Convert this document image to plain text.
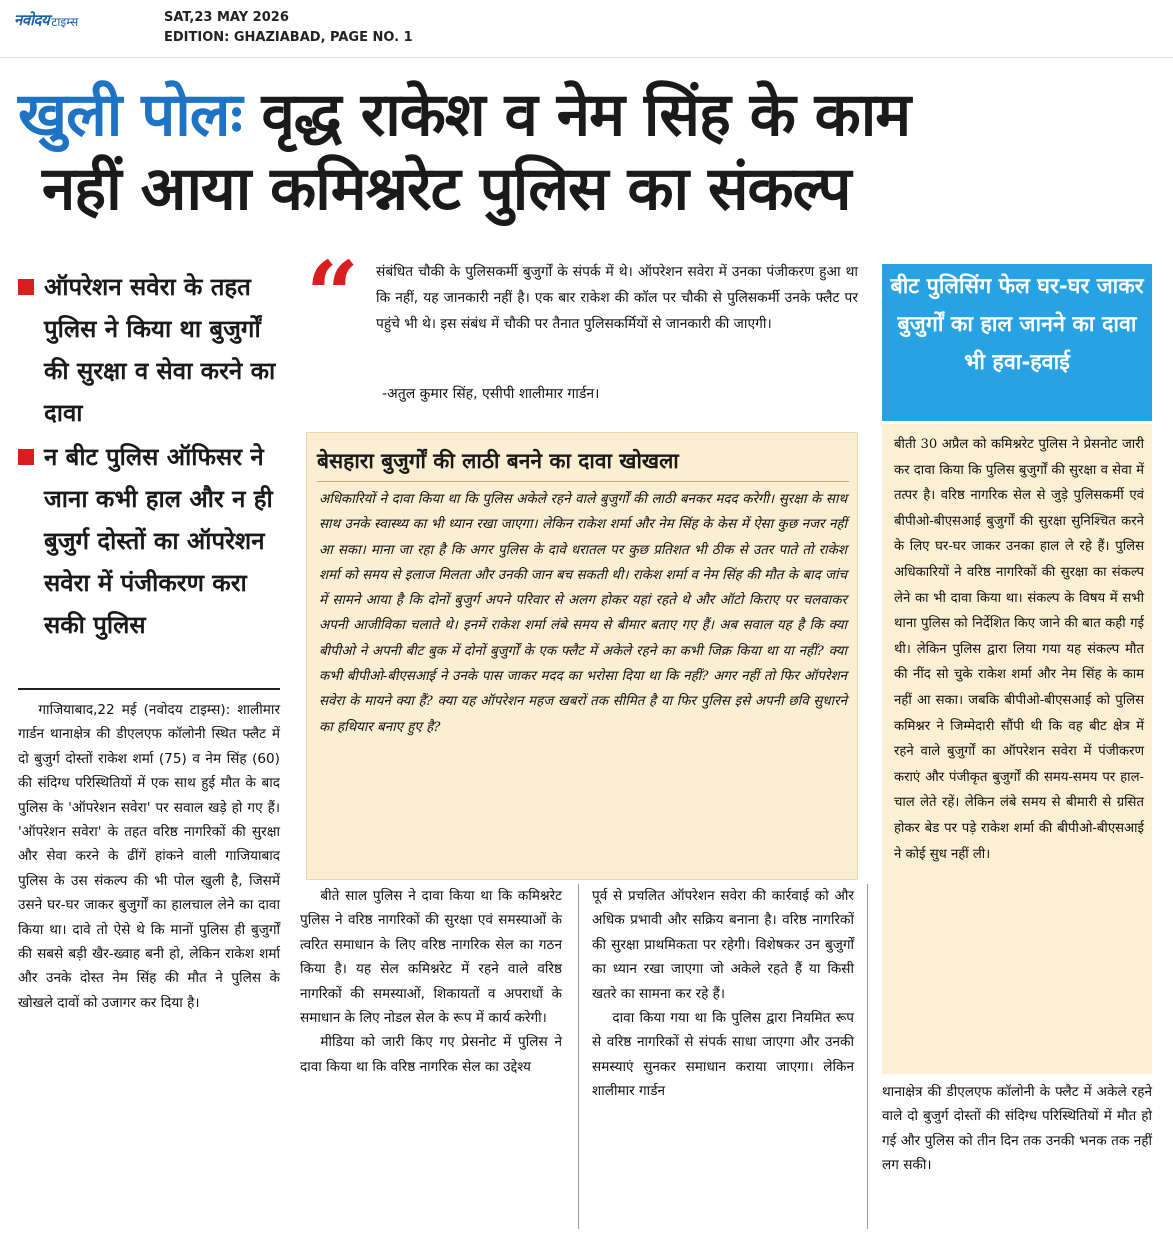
नवोदय टाइम्स	SAT,23 MAY 2026
EDITION: GHAZIABAD, PAGE NO. 1
खुली पोलः वृद्ध राकेश व नेम सिंह के काम
नहीं आया कमिश्नरेट पुलिस का संकल्प
ऑपरेशन सवेरा के तहत पुलिस ने किया था बुजुर्गों की सुरक्षा व सेवा करने का दावा
न बीट पुलिस ऑफिसर ने जाना कभी हाल और न ही बुजुर्ग दोस्तों का ऑपरेशन सवेरा में पंजीकरण करा सकी पुलिस

गाजियाबाद,22 मई (नवोदय टाइम्स): शालीमार गार्डन थानाक्षेत्र की डीएलएफ कॉलोनी स्थित फ्लैट में दो बुजुर्ग दोस्तों राकेश शर्मा (75) व नेम सिंह (60) की संदिग्ध परिस्थितियों में एक साथ हुई मौत के बाद पुलिस के 'ऑपरेशन सवेरा' पर सवाल खड़े हो गए हैं। 'ऑपरेशन सवेरा' के तहत वरिष्ठ नागरिकों की सुरक्षा और सेवा करने के ढींगें हांकने वाली गाजियाबाद पुलिस के उस संकल्प की भी पोल खुली है, जिसमें उसने घर-घर जाकर बुजुर्गों का हालचाल लेने का दावा किया था। दावे तो ऐसे थे कि मानों पुलिस ही बुजुर्गों की सबसे बड़ी खैर-ख्वाह बनी हो, लेकिन राकेश शर्मा और उनके दोस्त नेम सिंह की मौत ने पुलिस के खोखले दावों को उजागर कर दिया है।

“ संबंधित चौकी के पुलिसकर्मी बुजुर्गों के संपर्क में थे। ऑपरेशन सवेरा में उनका पंजीकरण हुआ था कि नहीं, यह जानकारी नहीं है। एक बार राकेश की कॉल पर चौकी से पुलिसकर्मी उनके फ्लैट पर पहुंचे भी थे। इस संबंध में चौकी पर तैनात पुलिसकर्मियों से जानकारी की जाएगी।

-अतुल कुमार सिंह, एसीपी शालीमार गार्डन।

बेसहारा बुजुर्गों की लाठी बनने का दावा खोखला

अधिकारियों ने दावा किया था कि पुलिस अकेले रहने वाले बुजुर्गों की लाठी बनकर मदद करेगी। सुरक्षा के साथ साथ उनके स्वास्थ्य का भी ध्यान रखा जाएगा। लेकिन राकेश शर्मा और नेम सिंह के केस में ऐसा कुछ नजर नहीं आ सका। माना जा रहा है कि अगर पुलिस के दावे धरातल पर कुछ प्रतिशत भी ठीक से उतर पाते तो राकेश शर्मा को समय से इलाज मिलता और उनकी जान बच सकती थी। राकेश शर्मा व नेम सिंह की मौत के बाद जांच में सामने आया है कि दोनों बुजुर्ग अपने परिवार से अलग होकर यहां रहते थे और ऑटो किराए पर चलवाकर अपनी आजीविका चलाते थे। इनमें राकेश शर्मा लंबे समय से बीमार बताए गए हैं। अब सवाल यह है कि क्या बीपीओ ने अपनी बीट बुक में दोनों बुजुर्गों के एक फ्लैट में अकेले रहने का कभी जिक्र किया था या नहीं? क्या कभी बीपीओ-बीएसआई ने उनके पास जाकर मदद का भरोसा दिया था कि नहीं? अगर नहीं तो फिर ऑपरेशन सवेरा के मायने क्या हैं? क्या यह ऑपरेशन महज खबरों तक सीमित है या फिर पुलिस इसे अपनी छवि सुधारने का हथियार बनाए हुए है?

बीते साल पुलिस ने दावा किया था कि कमिश्नरेट पुलिस ने वरिष्ठ नागरिकों की सुरक्षा एवं समस्याओं के त्वरित समाधान के लिए वरिष्ठ नागरिक सेल का गठन किया है। यह सेल कमिश्नरेट में रहने वाले वरिष्ठ नागरिकों की समस्याओं, शिकायतों व अपराधों के समाधान के लिए नोडल सेल के रूप में कार्य करेगी।

मीडिया को जारी किए गए प्रेसनोट में पुलिस ने दावा किया था कि वरिष्ठ नागरिक सेल का उद्देश्य

पूर्व से प्रचलित ऑपरेशन सवेरा की कार्रवाई को और अधिक प्रभावी और सक्रिय बनाना है। वरिष्ठ नागरिकों की सुरक्षा प्राथमिकता पर रहेगी। विशेषकर उन बुजुर्गों का ध्यान रखा जाएगा जो अकेले रहते हैं या किसी खतरे का सामना कर रहे हैं।

दावा किया गया था कि पुलिस द्वारा नियमित रूप से वरिष्ठ नागरिकों से संपर्क साधा जाएगा और उनकी समस्याएं सुनकर समाधान कराया जाएगा। लेकिन शालीमार गार्डन

बीट पुलिसिंग फेल घर-घर जाकर बुजुर्गों का हाल जानने का दावा भी हवा-हवाई

बीती 30 अप्रैल को कमिश्नरेट पुलिस ने प्रेसनोट जारी कर दावा किया कि पुलिस बुजुर्गों की सुरक्षा व सेवा में तत्पर है। वरिष्ठ नागरिक सेल से जुड़े पुलिसकर्मी एवं बीपीओ-बीएसआई बुजुर्गों की सुरक्षा सुनिश्चित करने के लिए घर-घर जाकर उनका हाल ले रहे हैं। पुलिस अधिकारियों ने वरिष्ठ नागरिकों की सुरक्षा का संकल्प लेने का भी दावा किया था। संकल्प के विषय में सभी थाना पुलिस को निर्देशित किए जाने की बात कही गई थी। लेकिन पुलिस द्वारा लिया गया यह संकल्प मौत की नींद सो चुके राकेश शर्मा और नेम सिंह के काम नहीं आ सका। जबकि बीपीओ-बीएसआई को पुलिस कमिश्नर ने जिम्मेदारी सौंपी थी कि वह बीट क्षेत्र में रहने वाले बुजुर्गों का ऑपरेशन सवेरा में पंजीकरण कराएं और पंजीकृत बुजुर्गों की समय-समय पर हाल-चाल लेते रहें। लेकिन लंबे समय से बीमारी से ग्रसित होकर बेड पर पड़े राकेश शर्मा की बीपीओ-बीएसआई ने कोई सुध नहीं ली।

थानाक्षेत्र की डीएलएफ कॉलोनी के फ्लैट में अकेले रहने वाले दो बुजुर्ग दोस्तों की संदिग्ध परिस्थितियों में मौत हो गई और पुलिस को तीन दिन तक उनकी भनक तक नहीं लग सकी।
